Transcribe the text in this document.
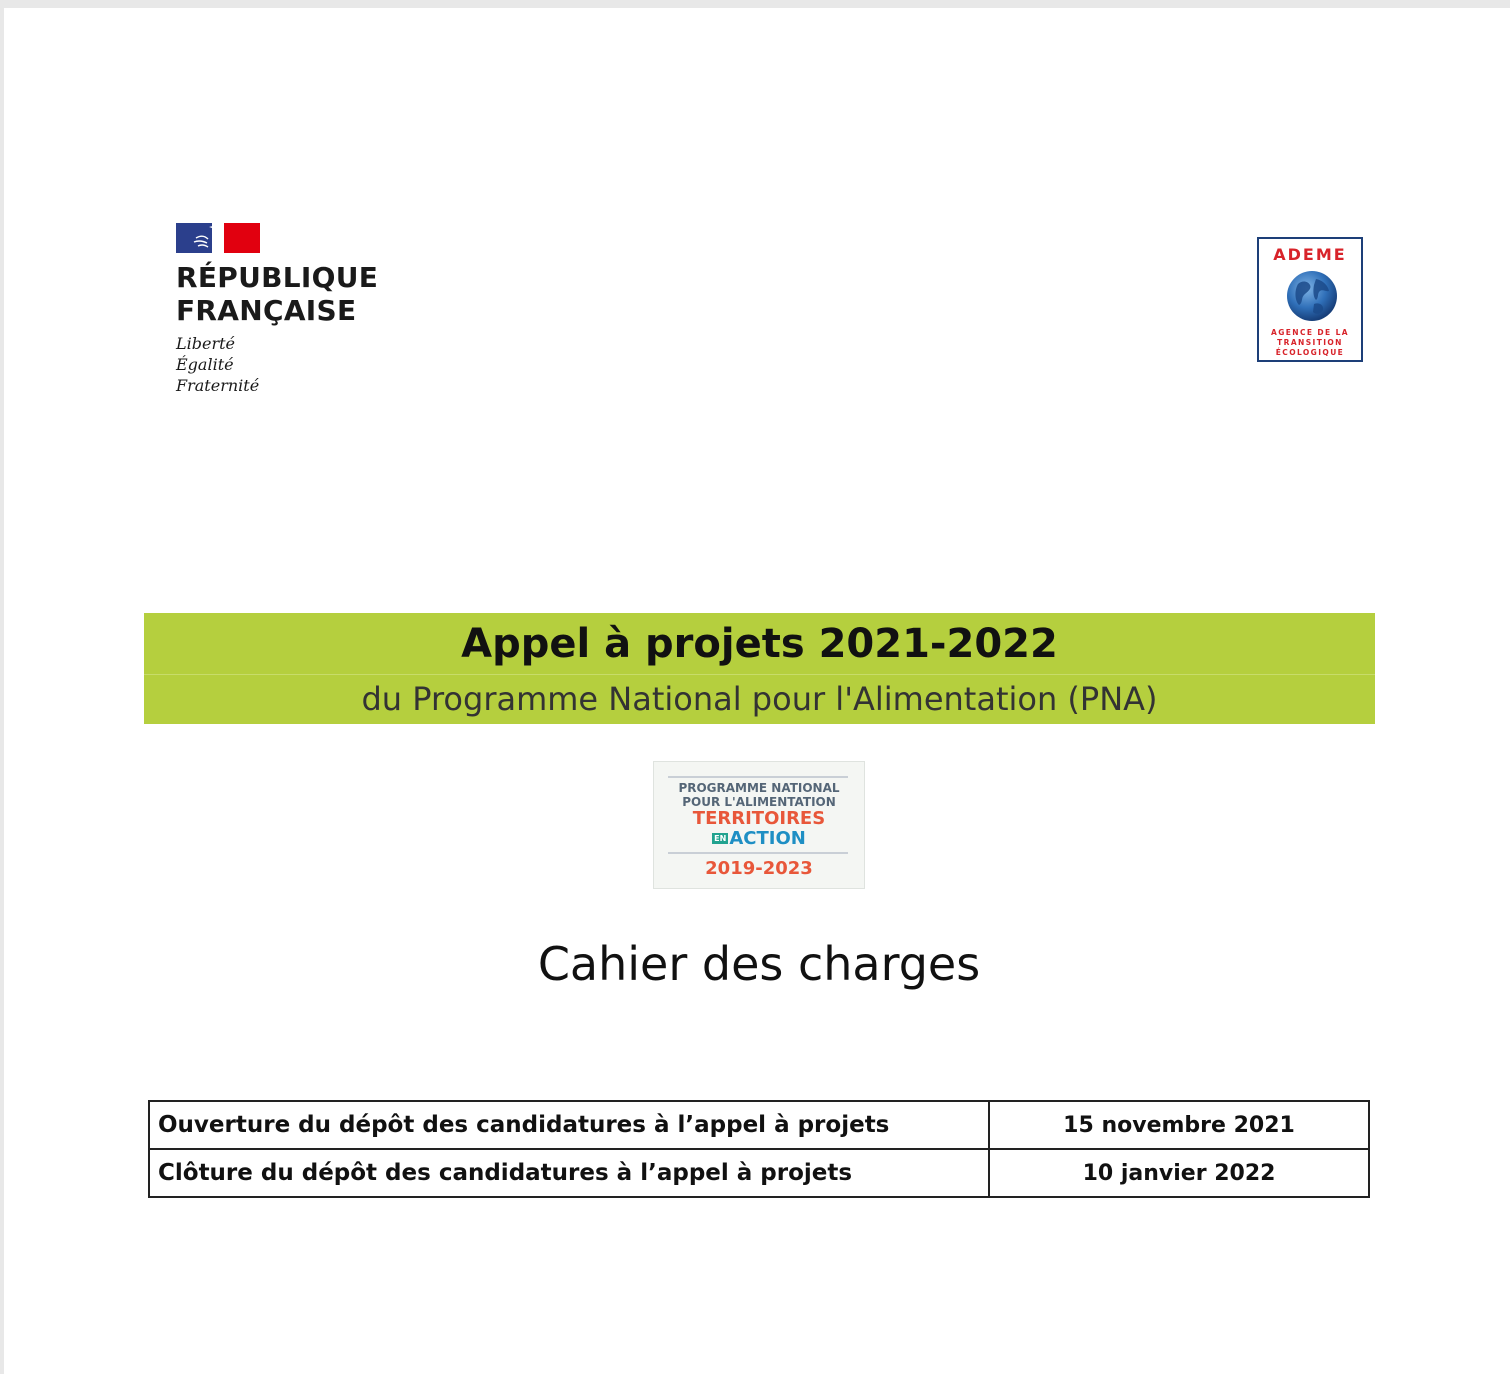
RÉPUBLIQUE
FRANÇAISE
Liberté
Égalité
Fraternité
ADEME
AGENCE DE LA
TRANSITION
ÉCOLOGIQUE
Appel à projets 2021-2022
du Programme National pour l'Alimentation (PNA)
PROGRAMME NATIONAL
POUR L'ALIMENTATION
TERRITOIRES
EN ACTION
2019-2023
Cahier des charges
Ouverture du dépôt des candidatures à l’appel à projets	15 novembre 2021
Clôture du dépôt des candidatures à l’appel à projets	10 janvier 2022
